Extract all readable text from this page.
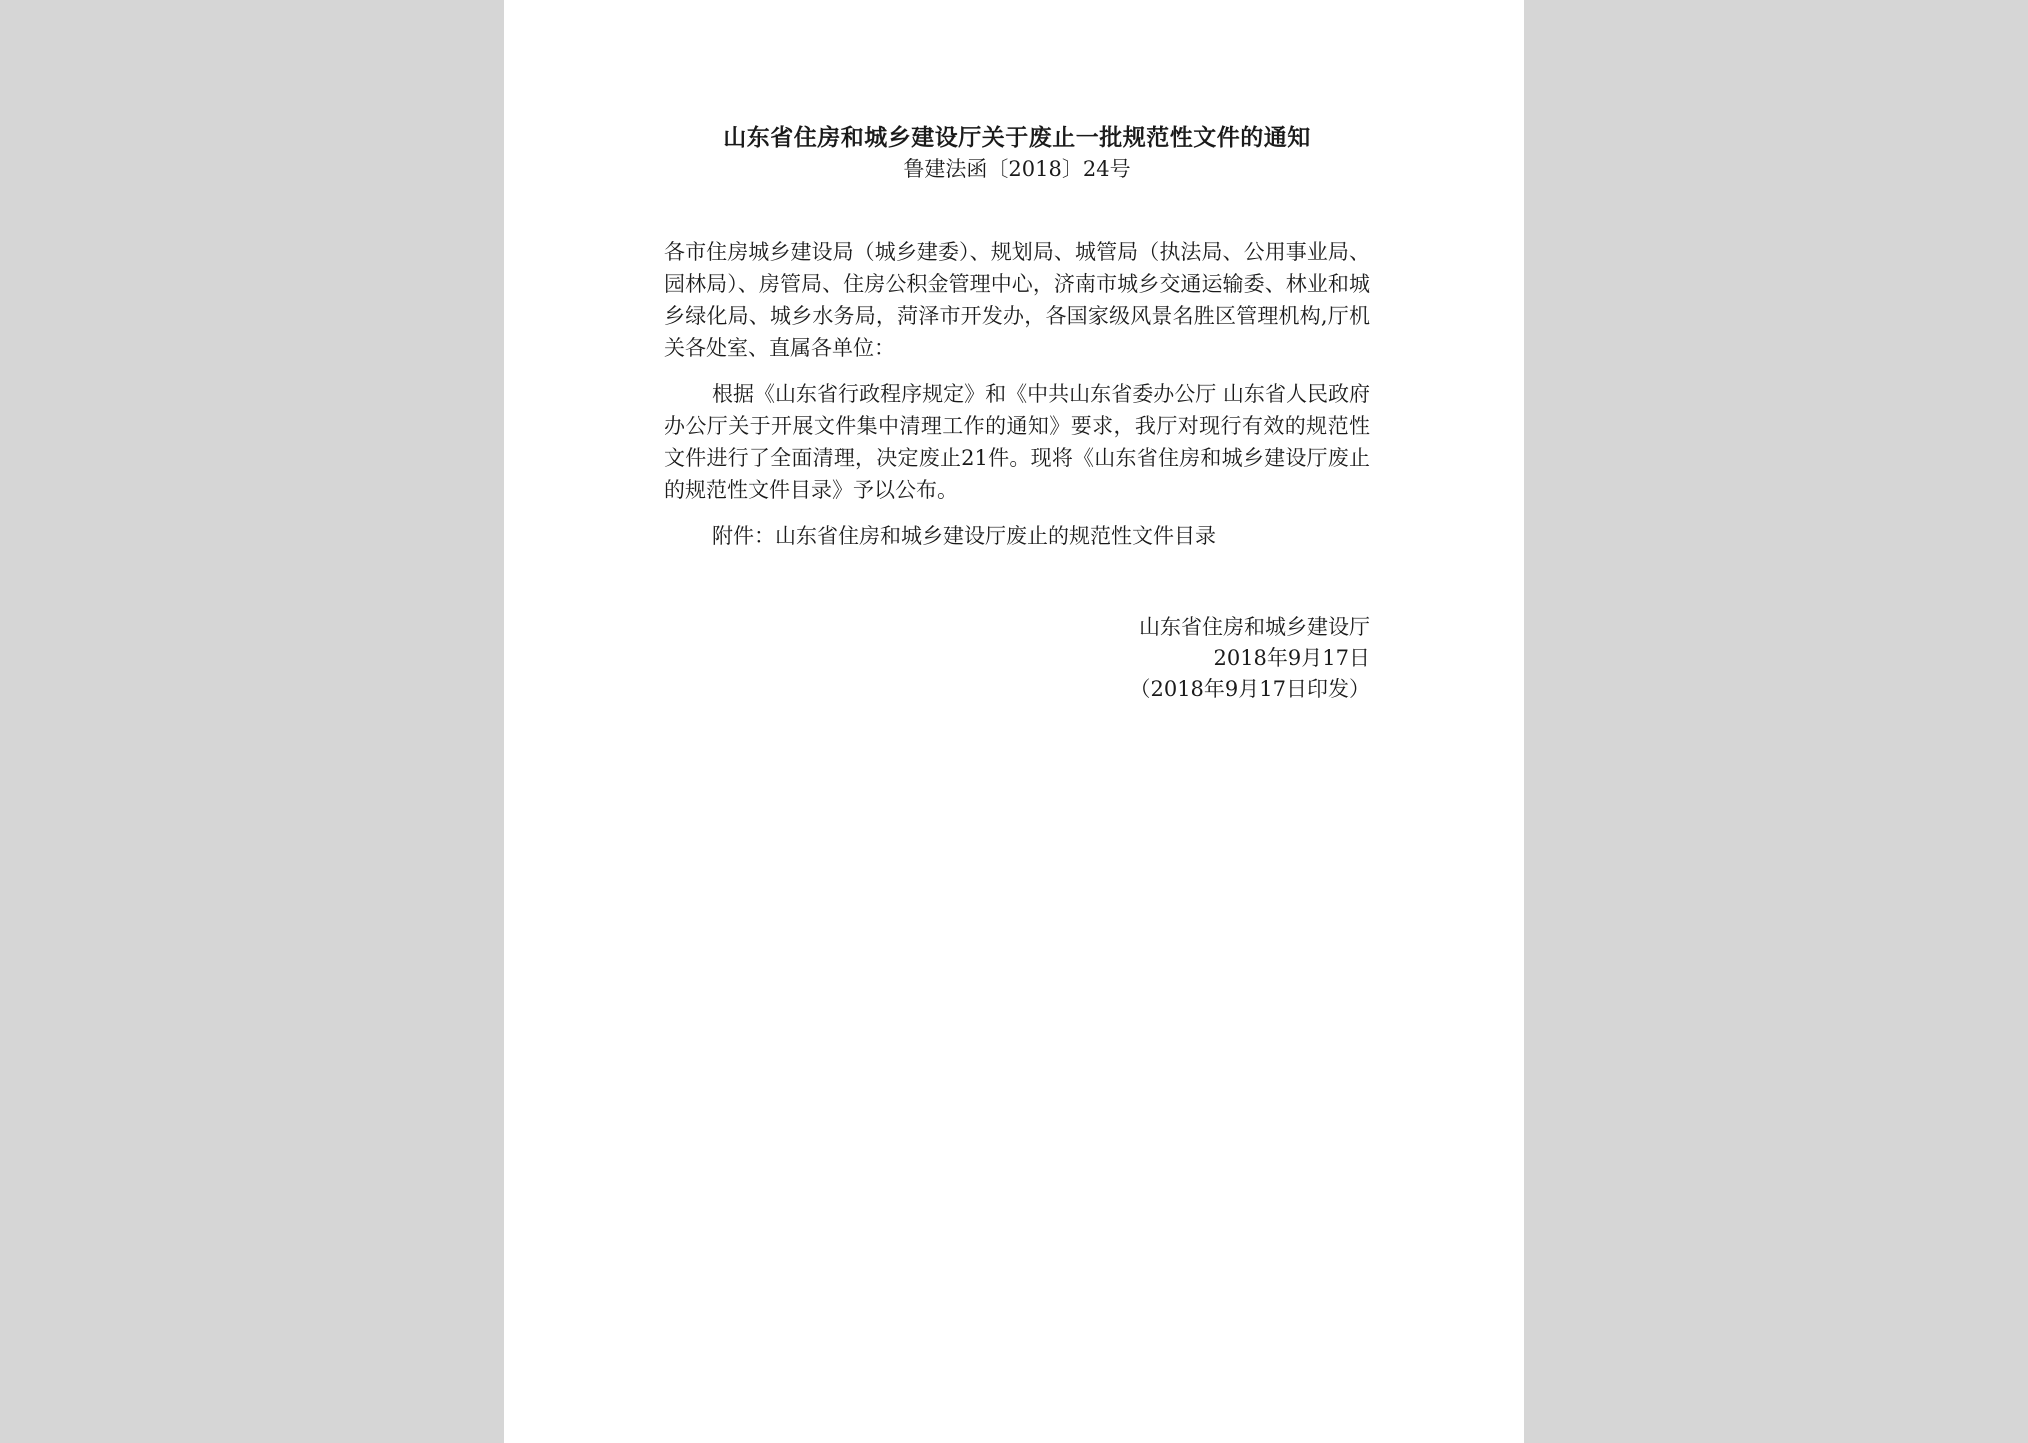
山东省住房和城乡建设厅关于废止一批规范性文件的通知

鲁建法函〔2018〕24号

各市住房城乡建设局（城乡建委）、规划局、城管局（执法局、公用事业局、园林局）、房管局、住房公积金管理中心，济南市城乡交通运输委、林业和城乡绿化局、城乡水务局，菏泽市开发办，各国家级风景名胜区管理机构,厅机关各处室、直属各单位：

根据《山东省行政程序规定》和《中共山东省委办公厅 山东省人民政府办公厅关于开展文件集中清理工作的通知》要求，我厅对现行有效的规范性文件进行了全面清理，决定废止21件。现将《山东省住房和城乡建设厅废止的规范性文件目录》予以公布。

附件：山东省住房和城乡建设厅废止的规范性文件目录

山东省住房和城乡建设厅
2018年9月17日
（2018年9月17日印发）
